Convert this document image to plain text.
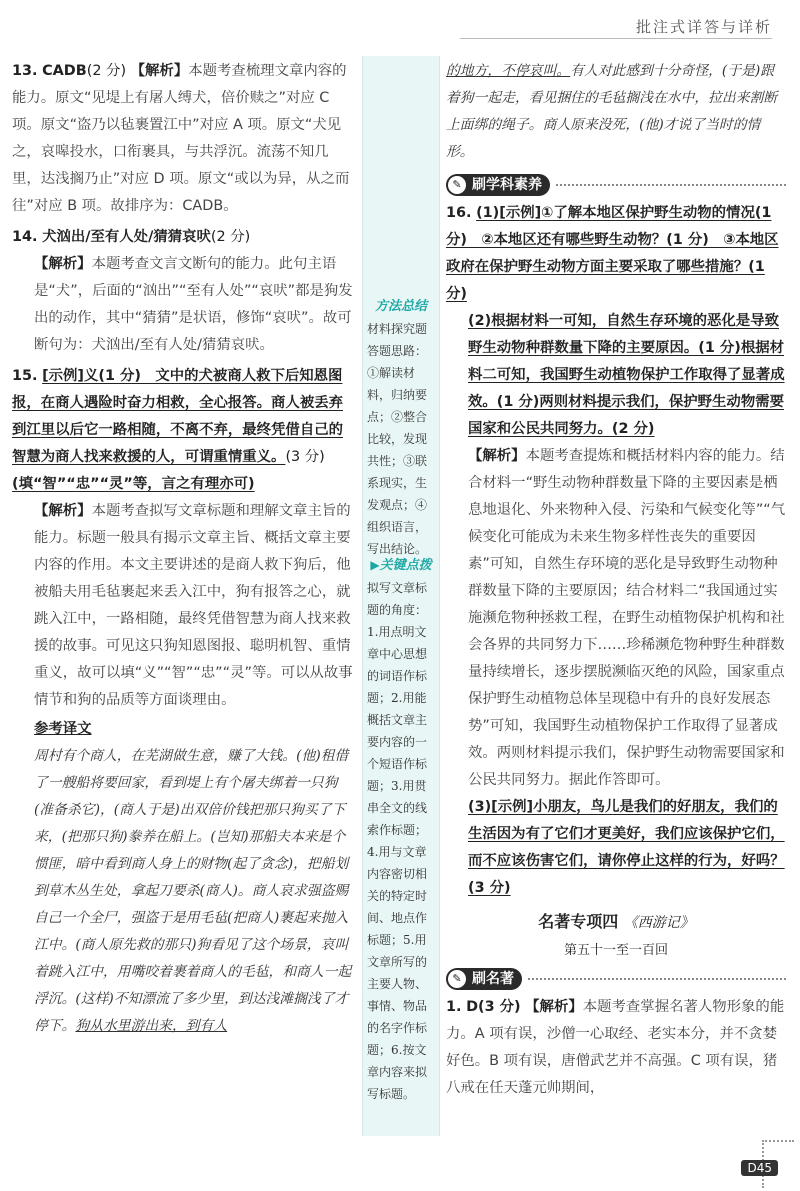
批注式详答与详析

13. CADB(2 分) 【解析】本题考查梳理文章内容的能力。原文“见堤上有屠人缚犬，倍价赎之”对应 C 项。原文“盗乃以毡裹置江中”对应 A 项。原文“犬见之，哀嗥投水，口衔裹具，与共浮沉。流荡不知几里，达浅搁乃止”对应 D 项。原文“或以为异，从之而往”对应 B 项。故排序为：CADB。

14. 犬汹出/至有人处/猜猜哀吠(2 分)

【解析】本题考查文言文断句的能力。此句主语是“犬”，后面的“汹出”“至有人处”“哀吠”都是狗发出的动作，其中“猜猜”是状语，修饰“哀吠”。故可断句为：犬汹出/至有人处/猜猜哀吠。

15. [示例]义(1 分)　文中的犬被商人救下后知恩图报，在商人遇险时奋力相救，全心报答。商人被丢弃到江里以后它一路相随，不离不弃，最终凭借自己的智慧为商人找来救援的人，可谓重情重义。(3 分)(填“智”“忠”“灵”等，言之有理亦可)

【解析】本题考查拟写文章标题和理解文章主旨的能力。标题一般具有揭示文章主旨、概括文章主要内容的作用。本文主要讲述的是商人救下狗后，他被船夫用毛毡裹起来丢入江中，狗有报答之心，就跳入江中，一路相随，最终凭借智慧为商人找来救援的故事。可见这只狗知恩图报、聪明机智、重情重义，故可以填“义”“智”“忠”“灵”等。可以从故事情节和狗的品质等方面谈理由。

参考译文

周村有个商人，在芜湖做生意，赚了大钱。(他)租借了一艘船将要回家，看到堤上有个屠夫绑着一只狗(准备杀它)，(商人于是)出双倍价钱把那只狗买了下来，(把那只狗)豢养在船上。(岂知)那船夫本来是个惯匪，暗中看到商人身上的财物(起了贪念)，把船划到草木丛生处，拿起刀要杀(商人)。商人哀求强盗赐自己一个全尸，强盗于是用毛毡(把商人)裹起来抛入江中。(商人原先救的那只)狗看见了这个场景，哀叫着跳入江中，用嘴咬着裹着商人的毛毡，和商人一起浮沉。(这样)不知漂流了多少里，到达浅滩搁浅了才停下。狗从水里游出来，到有人

方法总结
材料探究题答题思路：①解读材料，归纳要点；②整合比较，发现共性；③联系现实，生发观点；④组织语言，写出结论。
▶关键点拨
拟写文章标题的角度：1.用点明文章中心思想的词语作标题；2.用能概括文章主要内容的一个短语作标题；3.用贯串全文的线索作标题；4.用与文章内容密切相关的特定时间、地点作标题；5.用文章所写的主要人物、事情、物品的名字作标题；6.按文章内容来拟写标题。

的地方，不停哀叫。有人对此感到十分奇怪，(于是)跟着狗一起走，看见捆住的毛毡搁浅在水中，拉出来割断上面绑的绳子。商人原来没死，(他)才说了当时的情形。

✎ 刷学科素养

16. (1)[示例]①了解本地区保护野生动物的情况(1 分)　②本地区还有哪些野生动物？(1 分)　③本地区政府在保护野生动物方面主要采取了哪些措施？(1 分)

(2)根据材料一可知，自然生存环境的恶化是导致野生动物种群数量下降的主要原因。(1 分)根据材料二可知，我国野生动植物保护工作取得了显著成效。(1 分)两则材料提示我们，保护野生动物需要国家和公民共同努力。(2 分)

【解析】本题考查提炼和概括材料内容的能力。结合材料一“野生动物种群数量下降的主要因素是栖息地退化、外来物种入侵、污染和气候变化等”“气候变化可能成为未来生物多样性丧失的重要因素”可知，自然生存环境的恶化是导致野生动物种群数量下降的主要原因；结合材料二“我国通过实施濒危物种拯救工程，在野生动植物保护机构和社会各界的共同努力下……珍稀濒危物种野生种群数量持续增长，逐步摆脱濒临灭绝的风险，国家重点保护野生动植物总体呈现稳中有升的良好发展态势”可知，我国野生动植物保护工作取得了显著成效。两则材料提示我们，保护野生动物需要国家和公民共同努力。据此作答即可。

(3)[示例]小朋友，鸟儿是我们的好朋友，我们的生活因为有了它们才更美好，我们应该保护它们，而不应该伤害它们，请你停止这样的行为，好吗？(3 分)

名著专项四 《西游记》
第五十一至一百回
✎ 刷名著

1. D(3 分) 【解析】本题考查掌握名著人物形象的能力。A 项有误，沙僧一心取经、老实本分，并不贪婪好色。B 项有误，唐僧武艺并不高强。C 项有误，猪八戒在任天蓬元帅期间，

D45
